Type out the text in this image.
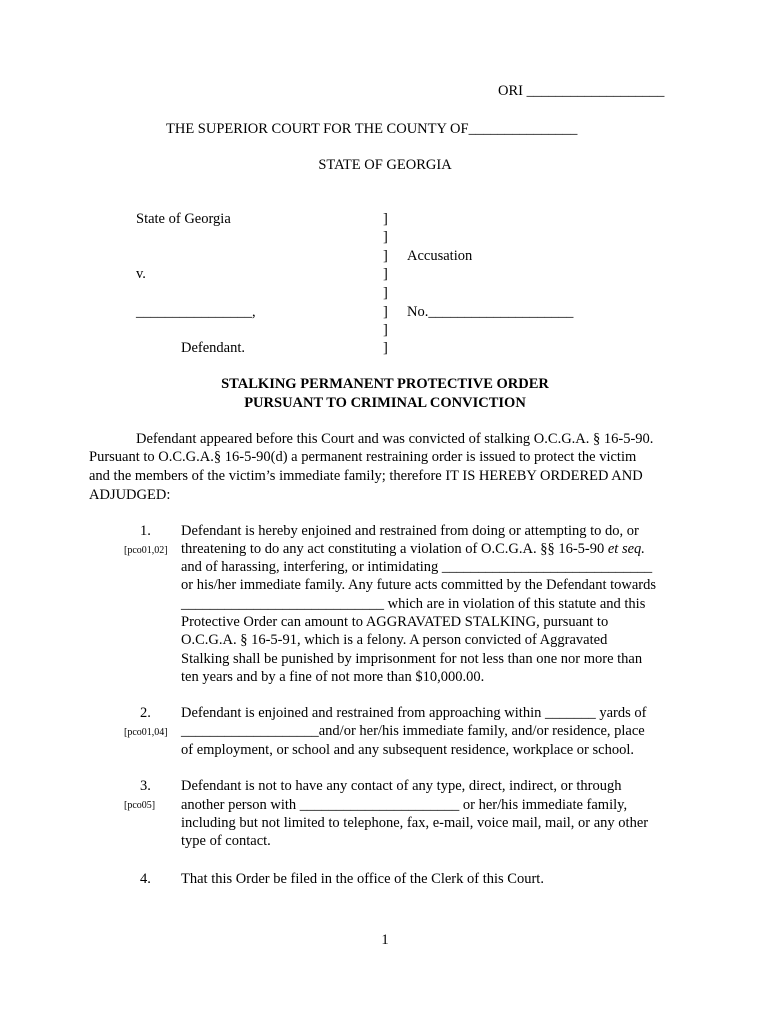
ORI ___________________
THE SUPERIOR COURT FOR THE COUNTY OF_______________
STATE OF GEORGIA
State of Georgia
v.
________________,
Defendant.
]
]
]
]
]
]
]
]
Accusation
No.____________________
STALKING PERMANENT PROTECTIVE ORDER
PURSUANT TO CRIMINAL CONVICTION
Defendant appeared before this Court and was convicted of stalking O.C.G.A. § 16-5-90.
Pursuant to O.C.G.A.§ 16-5-90(d) a permanent restraining order is issued to protect the victim
and the members of the victim’s immediate family; therefore IT IS HEREBY ORDERED AND
ADJUDGED:
1.
[pco01,02]
Defendant is hereby enjoined and restrained from doing or attempting to do, or
threatening to do any act constituting a violation of O.C.G.A. §§ 16-5-90 et seq.
and of harassing, interfering, or intimidating _____________________________
or his/her immediate family. Any future acts committed by the Defendant towards
____________________________ which are in violation of this statute and this
Protective Order can amount to AGGRAVATED STALKING, pursuant to
O.C.G.A. § 16-5-91, which is a felony. A person convicted of Aggravated
Stalking shall be punished by imprisonment for not less than one nor more than
ten years and by a fine of not more than $10,000.00.
2.
[pco01,04]
Defendant is enjoined and restrained from approaching within _______ yards of
___________________and/or her/his immediate family, and/or residence, place
of employment, or school and any subsequent residence, workplace or school.
3.
[pco05]
Defendant is not to have any contact of any type, direct, indirect, or through
another person with ______________________ or her/his immediate family,
including but not limited to telephone, fax, e-mail, voice mail, mail, or any other
type of contact.
4. That this Order be filed in the office of the Clerk of this Court.
1
